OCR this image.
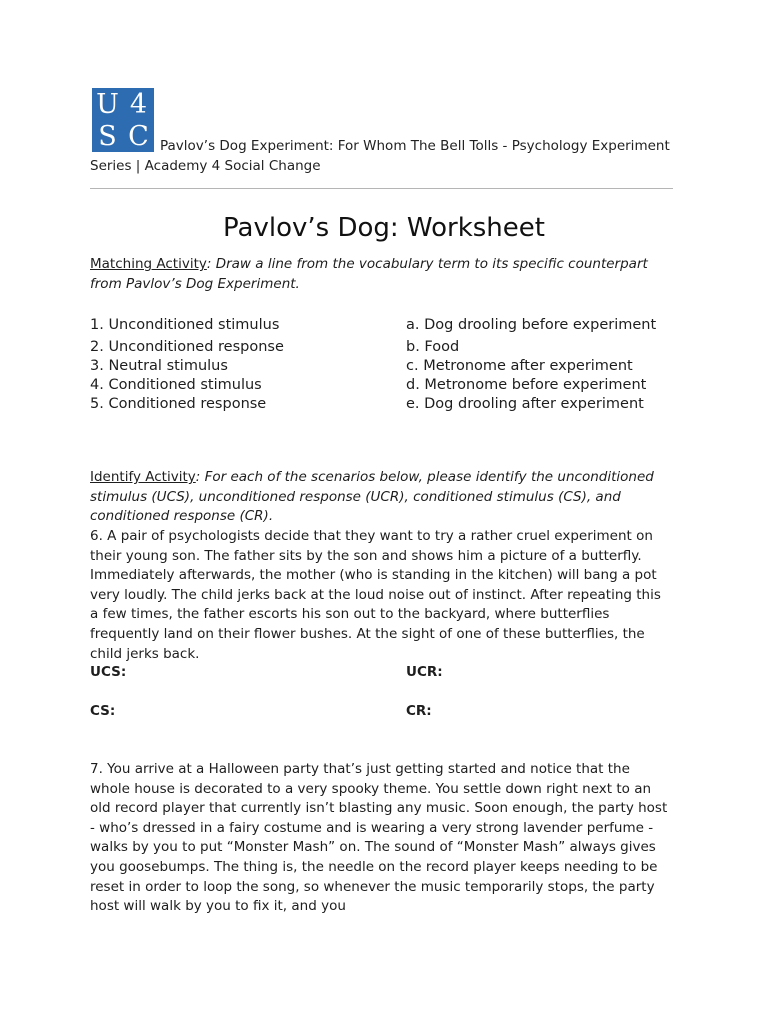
U 4
S C Pavlov’s Dog Experiment: For Whom The Bell Tolls - Psychology Experiment Series | Academy 4 Social Change
Pavlov’s Dog: Worksheet
Matching Activity: Draw a line from the vocabulary term to its specific counterpart from Pavlov’s Dog Experiment.
1. Unconditioned stimulus
2. Unconditioned response
3. Neutral stimulus
4. Conditioned stimulus
5. Conditioned response
a. Dog drooling before experiment
b. Food
c. Metronome after experiment
d. Metronome before experiment
e. Dog drooling after experiment
Identify Activity: For each of the scenarios below, please identify the unconditioned stimulus (UCS), unconditioned response (UCR), conditioned stimulus (CS), and conditioned response (CR).
6. A pair of psychologists decide that they want to try a rather cruel experiment on their young son. The father sits by the son and shows him a picture of a butterfly. Immediately afterwards, the mother (who is standing in the kitchen) will bang a pot very loudly. The child jerks back at the loud noise out of instinct. After repeating this a few times, the father escorts his son out to the backyard, where butterflies frequently land on their flower bushes. At the sight of one of these butterflies, the child jerks back.
UCS:	UCR:
CS:	CR:
7. You arrive at a Halloween party that’s just getting started and notice that the whole house is decorated to a very spooky theme. You settle down right next to an old record player that currently isn’t blasting any music. Soon enough, the party host - who’s dressed in a fairy costume and is wearing a very strong lavender perfume - walks by you to put “Monster Mash” on. The sound of “Monster Mash” always gives you goosebumps. The thing is, the needle on the record player keeps needing to be reset in order to loop the song, so whenever the music temporarily stops, the party host will walk by you to fix it, and you
